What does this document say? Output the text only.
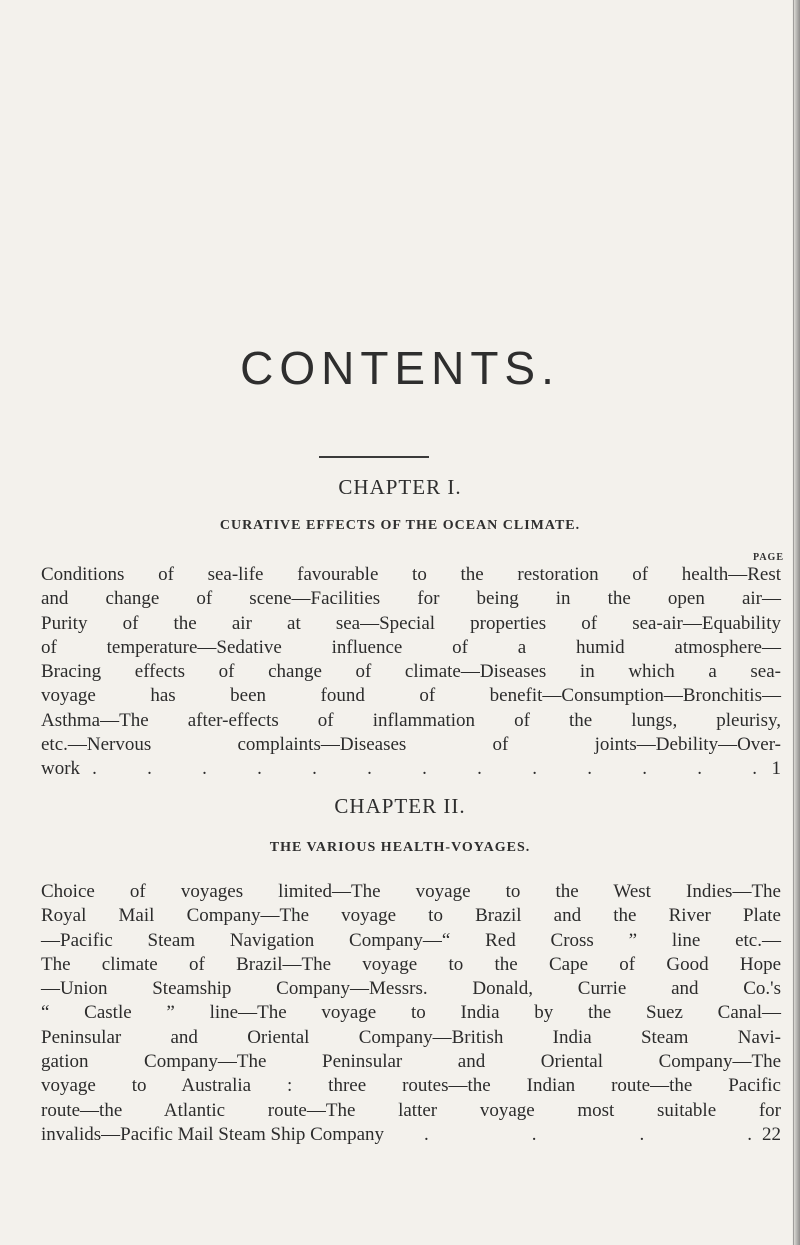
CONTENTS.
CHAPTER I.
CURATIVE EFFECTS OF THE OCEAN CLIMATE.
PAGE
Conditions of sea-life favourable to the restoration of health—Rest
and change of scene—Facilities for being in the open air—
Purity of the air at sea—Special properties of sea-air—Equability
of temperature—Sedative influence of a humid atmosphere—
Bracing effects of change of climate—Diseases in which a sea-
voyage has been found of benefit—Consumption—Bronchitis—
Asthma—The after-effects of inflammation of the lungs, pleurisy,
etc.—Nervous complaints—Diseases of joints—Debility—Over-
work .	.	.	.	.	.	.	.	.	.	.	.	. 1
CHAPTER II.
THE VARIOUS HEALTH-VOYAGES.
Choice of voyages limited—The voyage to the West Indies—The
Royal Mail Company—The voyage to Brazil and the River Plate
—Pacific Steam Navigation Company—“ Red Cross ” line etc.—
The climate of Brazil—The voyage to the Cape of Good Hope
—Union Steamship Company—Messrs. Donald, Currie and Co.'s
“ Castle ” line—The voyage to India by the Suez Canal—
Peninsular and Oriental Company—British India Steam Navi-
gation Company—The Peninsular and Oriental Company—The
voyage to Australia : three routes—the Indian route—the Pacific
route—the Atlantic route—The latter voyage most suitable for
invalids—Pacific Mail Steam Ship Company .	.	.	. 22
